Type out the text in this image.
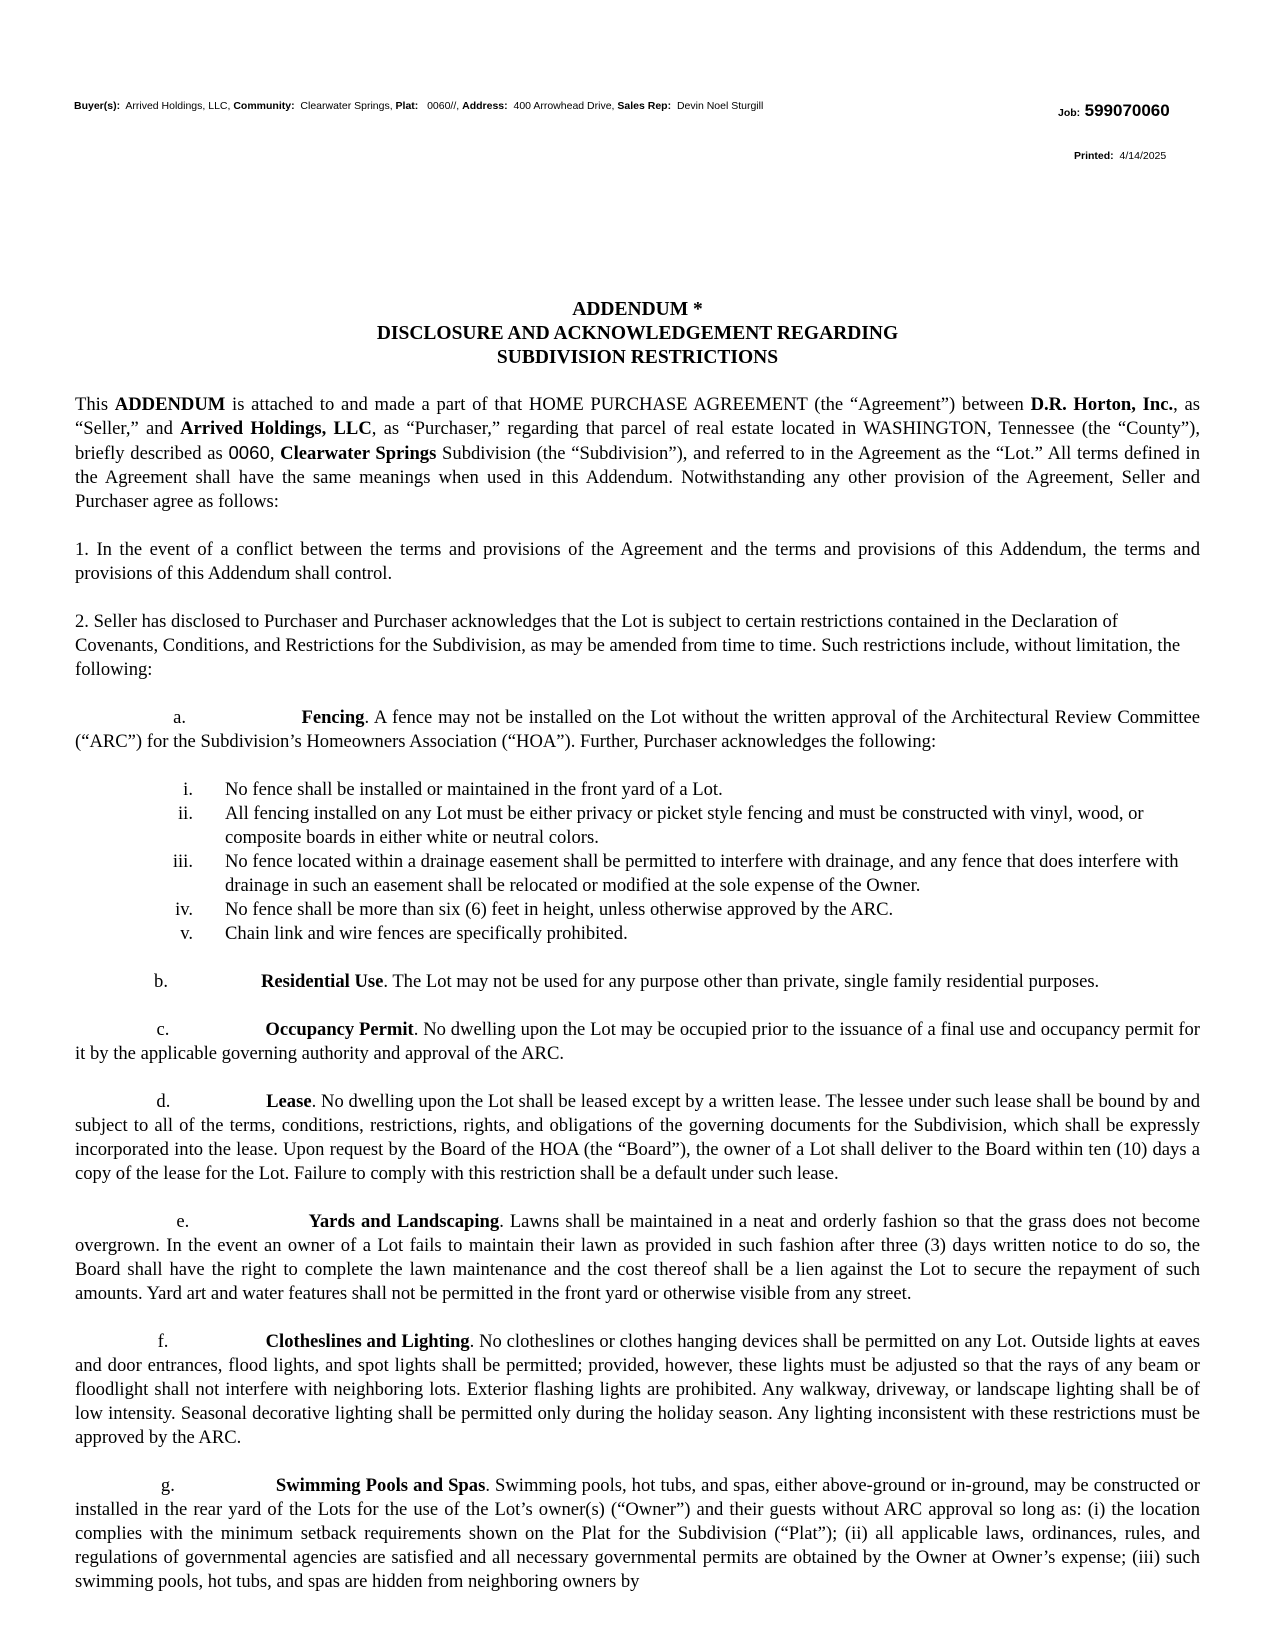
Buyer(s): Arrived Holdings, LLC, Community: Clearwater Springs, Plat: 0060//, Address: 400 Arrowhead Drive, Sales Rep: Devin Noel Sturgill
Job: 599070060
Printed: 4/14/2025
ADDENDUM *
DISCLOSURE AND ACKNOWLEDGEMENT REGARDING
SUBDIVISION RESTRICTIONS

This ADDENDUM is attached to and made a part of that HOME PURCHASE AGREEMENT (the “Agreement”) between D.R. Horton, Inc., as “Seller,” and Arrived Holdings, LLC, as “Purchaser,” regarding that parcel of real estate located in WASHINGTON, Tennessee (the “County”), briefly described as 0060, Clearwater Springs Subdivision (the “Subdivision”), and referred to in the Agreement as the “Lot.” All terms defined in the Agreement shall have the same meanings when used in this Addendum. Notwithstanding any other provision of the Agreement, Seller and Purchaser agree as follows:

1. In the event of a conflict between the terms and provisions of the Agreement and the terms and provisions of this Addendum, the terms and provisions of this Addendum shall control.

2. Seller has disclosed to Purchaser and Purchaser acknowledges that the Lot is subject to certain restrictions contained in the Declaration of Covenants, Conditions, and Restrictions for the Subdivision, as may be amended from time to time. Such restrictions include, without limitation, the following:

a.	Fencing. A fence may not be installed on the Lot without the written approval of the Architectural Review Committee (“ARC”) for the Subdivision’s Homeowners Association (“HOA”). Further, Purchaser acknowledges the following:

i. No fence shall be installed or maintained in the front yard of a Lot.
ii. All fencing installed on any Lot must be either privacy or picket style fencing and must be constructed with vinyl, wood, or composite boards in either white or neutral colors.
iii. No fence located within a drainage easement shall be permitted to interfere with drainage, and any fence that does interfere with drainage in such an easement shall be relocated or modified at the sole expense of the Owner.
iv. No fence shall be more than six (6) feet in height, unless otherwise approved by the ARC.
v. Chain link and wire fences are specifically prohibited.

b.	Residential Use. The Lot may not be used for any purpose other than private, single family residential purposes.

c.	Occupancy Permit. No dwelling upon the Lot may be occupied prior to the issuance of a final use and occupancy permit for it by the applicable governing authority and approval of the ARC.

d.	Lease. No dwelling upon the Lot shall be leased except by a written lease. The lessee under such lease shall be bound by and subject to all of the terms, conditions, restrictions, rights, and obligations of the governing documents for the Subdivision, which shall be expressly incorporated into the lease. Upon request by the Board of the HOA (the “Board”), the owner of a Lot shall deliver to the Board within ten (10) days a copy of the lease for the Lot. Failure to comply with this restriction shall be a default under such lease.

e.	Yards and Landscaping. Lawns shall be maintained in a neat and orderly fashion so that the grass does not become overgrown. In the event an owner of a Lot fails to maintain their lawn as provided in such fashion after three (3) days written notice to do so, the Board shall have the right to complete the lawn maintenance and the cost thereof shall be a lien against the Lot to secure the repayment of such amounts. Yard art and water features shall not be permitted in the front yard or otherwise visible from any street.

f.	Clotheslines and Lighting. No clotheslines or clothes hanging devices shall be permitted on any Lot. Outside lights at eaves and door entrances, flood lights, and spot lights shall be permitted; provided, however, these lights must be adjusted so that the rays of any beam or floodlight shall not interfere with neighboring lots. Exterior flashing lights are prohibited. Any walkway, driveway, or landscape lighting shall be of low intensity. Seasonal decorative lighting shall be permitted only during the holiday season. Any lighting inconsistent with these restrictions must be approved by the ARC.

g.	Swimming Pools and Spas. Swimming pools, hot tubs, and spas, either above-ground or in-ground, may be constructed or installed in the rear yard of the Lots for the use of the Lot’s owner(s) (“Owner”) and their guests without ARC approval so long as: (i) the location complies with the minimum setback requirements shown on the Plat for the Subdivision (“Plat”); (ii) all applicable laws, ordinances, rules, and regulations of governmental agencies are satisfied and all necessary governmental permits are obtained by the Owner at Owner’s expense; (iii) such swimming pools, hot tubs, and spas are hidden from neighboring owners by
